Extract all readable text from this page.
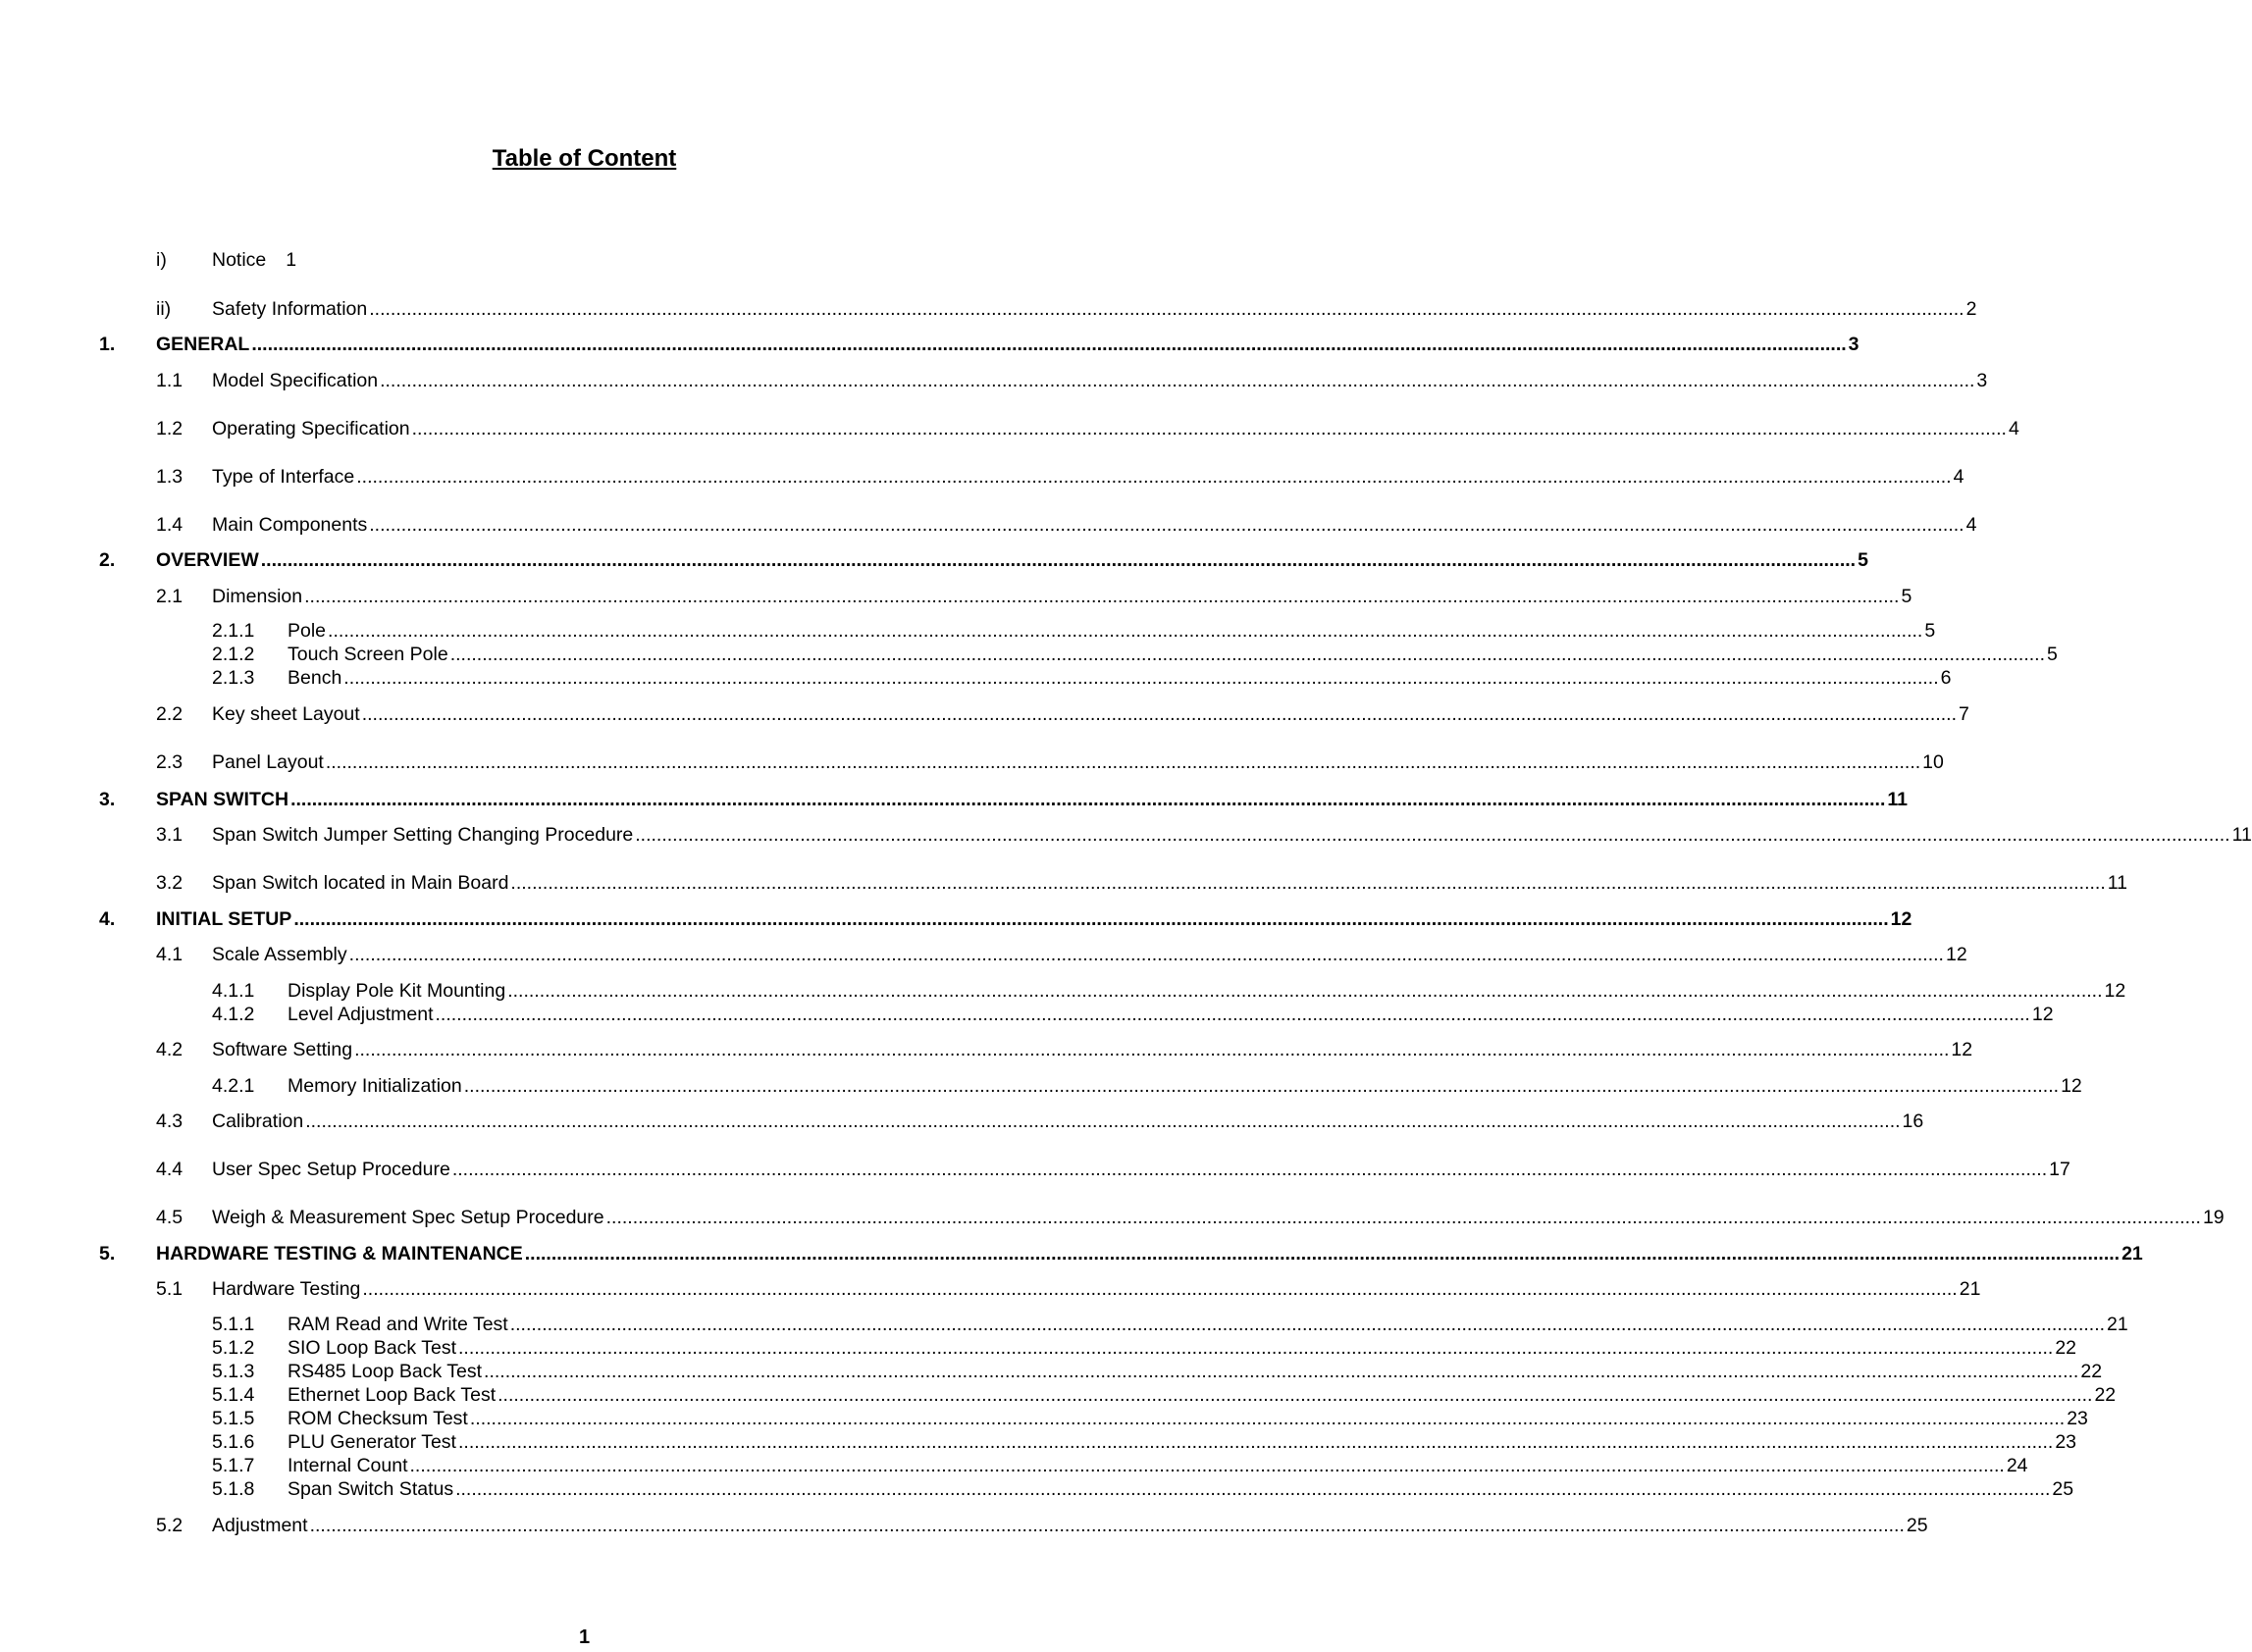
Table of Content
i)	Notice 1
ii)	Safety Information ............................................................................................................................................................................................................................................................................................................ 2
1.	GENERAL ............................................................................................................................................................................................................................................................................................................ 3
1.1	Model Specification ............................................................................................................................................................................................................................................................................................................ 3
1.2	Operating Specification ............................................................................................................................................................................................................................................................................................................ 4
1.3	Type of Interface ............................................................................................................................................................................................................................................................................................................ 4
1.4	Main Components ............................................................................................................................................................................................................................................................................................................ 4
2.	OVERVIEW ............................................................................................................................................................................................................................................................................................................ 5
2.1	Dimension ............................................................................................................................................................................................................................................................................................................ 5
2.1.1	Pole ............................................................................................................................................................................................................................................................................................................ 5
2.1.2	Touch Screen Pole ............................................................................................................................................................................................................................................................................................................ 5
2.1.3	Bench ............................................................................................................................................................................................................................................................................................................ 6
2.2	Key sheet Layout ............................................................................................................................................................................................................................................................................................................ 7
2.3	Panel Layout ............................................................................................................................................................................................................................................................................................................ 10
3.	SPAN SWITCH ............................................................................................................................................................................................................................................................................................................ 11
3.1	Span Switch Jumper Setting Changing Procedure ............................................................................................................................................................................................................................................................................................................ 11
3.2	Span Switch located in Main Board ............................................................................................................................................................................................................................................................................................................ 11
4.	INITIAL SETUP ............................................................................................................................................................................................................................................................................................................ 12
4.1	Scale Assembly ............................................................................................................................................................................................................................................................................................................ 12
4.1.1	Display Pole Kit Mounting ............................................................................................................................................................................................................................................................................................................ 12
4.1.2	Level Adjustment ............................................................................................................................................................................................................................................................................................................ 12
4.2	Software Setting ............................................................................................................................................................................................................................................................................................................ 12
4.2.1	Memory Initialization ............................................................................................................................................................................................................................................................................................................ 12
4.3	Calibration ............................................................................................................................................................................................................................................................................................................ 16
4.4	User Spec Setup Procedure ............................................................................................................................................................................................................................................................................................................ 17
4.5	Weigh & Measurement Spec Setup Procedure ............................................................................................................................................................................................................................................................................................................ 19
5.	HARDWARE TESTING & MAINTENANCE ............................................................................................................................................................................................................................................................................................................ 21
5.1	Hardware Testing ............................................................................................................................................................................................................................................................................................................ 21
5.1.1	RAM Read and Write Test ............................................................................................................................................................................................................................................................................................................ 21
5.1.2	SIO Loop Back Test ............................................................................................................................................................................................................................................................................................................ 22
5.1.3	RS485 Loop Back Test ............................................................................................................................................................................................................................................................................................................ 22
5.1.4	Ethernet Loop Back Test ............................................................................................................................................................................................................................................................................................................ 22
5.1.5	ROM Checksum Test ............................................................................................................................................................................................................................................................................................................ 23
5.1.6	PLU Generator Test ............................................................................................................................................................................................................................................................................................................ 23
5.1.7	Internal Count ............................................................................................................................................................................................................................................................................................................ 24
5.1.8	Span Switch Status ............................................................................................................................................................................................................................................................................................................ 25
5.2	Adjustment ............................................................................................................................................................................................................................................................................................................ 25
1
